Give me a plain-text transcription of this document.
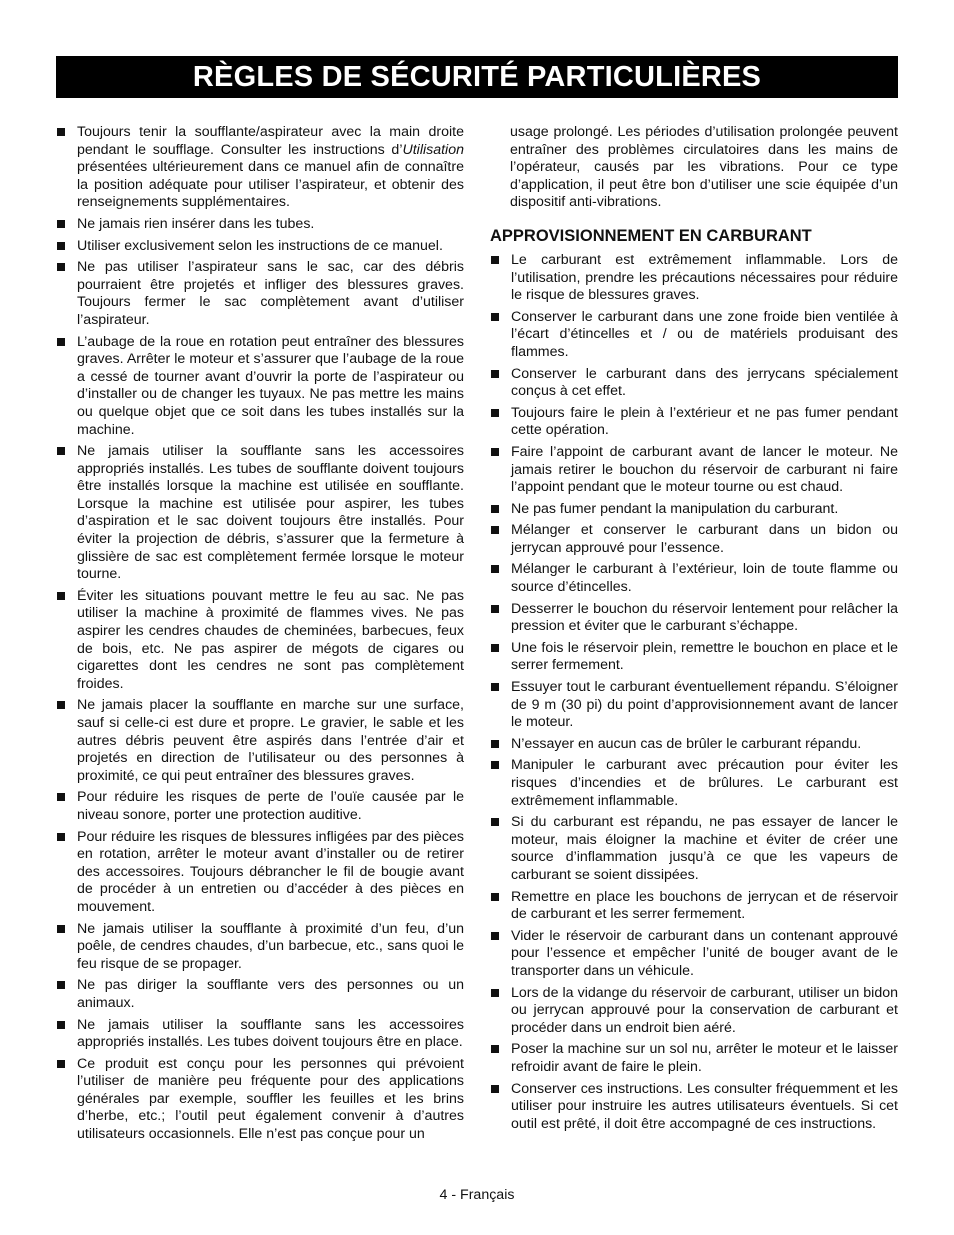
RÈGLES DE SÉCURITÉ PARTICULIÈRES
Toujours tenir la soufflante/aspirateur avec la main droite pendant le soufflage. Consulter les instructions d’Utilisation présentées ultérieurement dans ce manuel afin de connaître la position adéquate pour utiliser l’aspirateur, et obtenir des renseignements supplémentaires.
Ne jamais rien insérer dans les tubes.
Utiliser exclusivement selon les instructions de ce manuel.
Ne pas utiliser l’aspirateur sans le sac, car des débris pourraient être projetés et infliger des blessures graves. Toujours fermer le sac complètement avant d’utiliser l’aspirateur.
L’aubage de la roue en rotation peut entraîner des blessures graves. Arrêter le moteur et s’assurer que l’aubage de la roue a cessé de tourner avant d’ouvrir la porte de l’aspirateur ou d’installer ou de changer les tuyaux. Ne pas mettre les mains ou quelque objet que ce soit dans les tubes installés sur la machine.
Ne jamais utiliser la soufflante sans les accessoires appropriés installés. Les tubes de soufflante doivent toujours être installés lorsque la machine est utilisée en soufflante. Lorsque la machine est utilisée pour aspirer, les tubes d’aspiration et le sac doivent toujours être installés. Pour éviter la projection de débris, s’assurer que la fermeture à glissière de sac est complètement fermée lorsque le moteur tourne.
Éviter les situations pouvant mettre le feu au sac. Ne pas utiliser la machine à proximité de flammes vives. Ne pas aspirer les cendres chaudes de cheminées, barbecues, feux de bois, etc. Ne pas aspirer de mégots de cigares ou cigarettes dont les cendres ne sont pas complètement froides.
Ne jamais placer la soufflante en marche sur une surface, sauf si celle-ci est dure et propre. Le gravier, le sable et les autres débris peuvent être aspirés dans l’entrée d’air et projetés en direction de l’utilisateur ou des personnes à proximité, ce qui peut entraîner des blessures graves.
Pour réduire les risques de perte de l’ouïe causée par le niveau sonore, porter une protection auditive.
Pour réduire les risques de blessures infligées par des pièces en rotation, arrêter le moteur avant d’installer ou de retirer des accessoires. Toujours débrancher le fil de bougie avant de procéder à un entretien ou d’accéder à des pièces en mouvement.
Ne jamais utiliser la soufflante à proximité d’un feu, d’un poêle, de cendres chaudes, d’un barbecue, etc., sans quoi le feu risque de se propager.
Ne pas diriger la soufflante vers des personnes ou un animaux.
Ne jamais utiliser la soufflante sans les accessoires appropriés installés. Les tubes doivent toujours être en place.
Ce produit est conçu pour les personnes qui prévoient l’utiliser de manière peu fréquente pour des applications générales par exemple, souffler les feuilles et les brins d’herbe, etc.; l’outil peut également convenir à d’autres utilisateurs occasionnels. Elle n’est pas conçue pour un

usage prolongé. Les périodes d’utilisation prolongée peuvent entraîner des problèmes circulatoires dans les mains de l’opérateur, causés par les vibrations. Pour ce type d’application, il peut être bon d’utiliser une scie équipée d’un dispositif anti-vibrations.

APPROVISIONNEMENT EN CARBURANT
Le carburant est extrêmement inflammable. Lors de l’utilisation, prendre les précautions nécessaires pour réduire le risque de blessures graves.
Conserver le carburant dans une zone froide bien ventilée à l’écart d’étincelles et / ou de matériels produisant des flammes.
Conserver le carburant dans des jerrycans spécialement conçus à cet effet.
Toujours faire le plein à l’extérieur et ne pas fumer pendant cette opération.
Faire l’appoint de carburant avant de lancer le moteur. Ne jamais retirer le bouchon du réservoir de carburant ni faire l’appoint pendant que le moteur tourne ou est chaud.
Ne pas fumer pendant la manipulation du carburant.
Mélanger et conserver le carburant dans un bidon ou jerrycan approuvé pour l’essence.
Mélanger le carburant à l’extérieur, loin de toute flamme ou source d’étincelles.
Desserrer le bouchon du réservoir lentement pour relâcher la pression et éviter que le carburant s’échappe.
Une fois le réservoir plein, remettre le bouchon en place et le serrer fermement.
Essuyer tout le carburant éventuellement répandu. S’éloigner de 9 m (30 pi) du point d’approvisionnement avant de lancer le moteur.
N’essayer en aucun cas de brûler le carburant répandu.
Manipuler le carburant avec précaution pour éviter les risques d’incendies et de brûlures. Le carburant est extrêmement inflammable.
Si du carburant est répandu, ne pas essayer de lancer le moteur, mais éloigner la machine et éviter de créer une source d’inflammation jusqu’à ce que les vapeurs de carburant se soient dissipées.
Remettre en place les bouchons de jerrycan et de réservoir de carburant et les serrer fermement.
Vider le réservoir de carburant dans un contenant approuvé pour l’essence et empêcher l’unité de bouger avant de le transporter dans un véhicule.
Lors de la vidange du réservoir de carburant, utiliser un bidon ou jerrycan approuvé pour la conservation de carburant et procéder dans un endroit bien aéré.
Poser la machine sur un sol nu, arrêter le moteur et le laisser refroidir avant de faire le plein.
Conserver ces instructions. Les consulter fréquemment et les utiliser pour instruire les autres utilisateurs éventuels. Si cet outil est prêté, il doit être accompagné de ces instructions.
4 - Français
